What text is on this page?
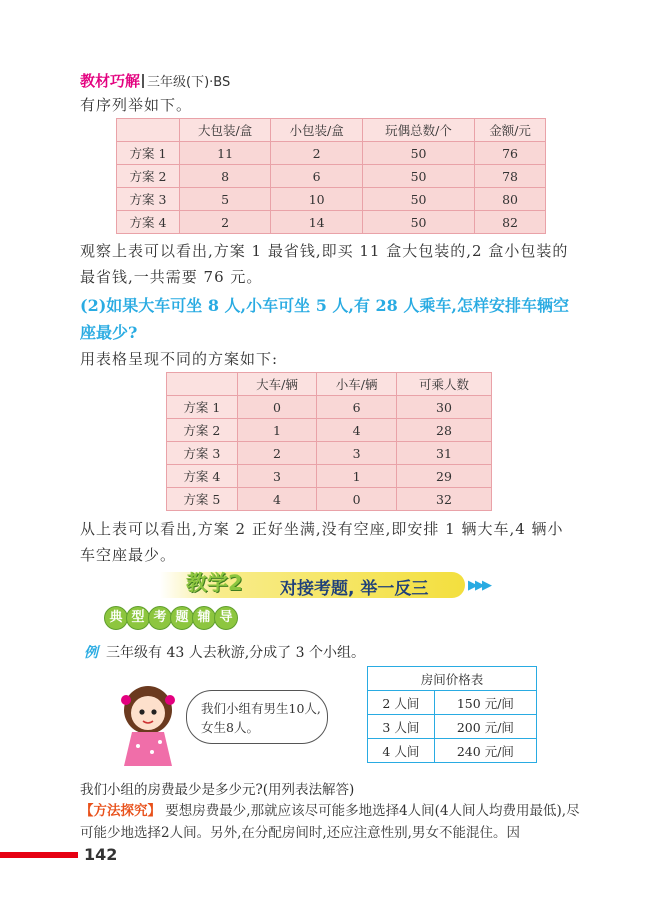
教材巧解 三年级(下)·BS
有序列举如下。
	大包装/盒	小包装/盒	玩偶总数/个	金额/元
方案 1	11	2	50	76
方案 2	8	6	50	78
方案 3	5	10	50	80
方案 4	2	14	50	82
观察上表可以看出,方案 1 最省钱,即买 11 盒大包装的,2 盒小包装的
最省钱,一共需要 76 元。
(2)如果大车可坐 8 人,小车可坐 5 人,有 28 人乘车,怎样安排车辆空座最少?
用表格呈现不同的方案如下:
	大车/辆	小车/辆	可乘人数
方案 1	0	6	30
方案 2	1	4	28
方案 3	2	3	31
方案 4	3	1	29
方案 5	4	0	32
从上表可以看出,方案 2 正好坐满,没有空座,即安排 1 辆大车,4 辆小
车空座最少。
教学2 对接考题, 举一反三	▶▶▶
典 型 考 题 辅 导
例 三年级有 43 人去秋游,分成了 3 个小组。
房间价格表	
2 人间	150 元/间
3 人间	200 元/间
4 人间	240 元/间
我们小组有男生10人,
女生8人。
我们小组的房费最少是多少元?(用列表法解答)
【方法探究】 要想房费最少,那就应该尽可能多地选择4人间(4人间人均费用最低),尽可能少地选择2人间。另外,在分配房间时,还应注意性别,男女不能混住。因
142
